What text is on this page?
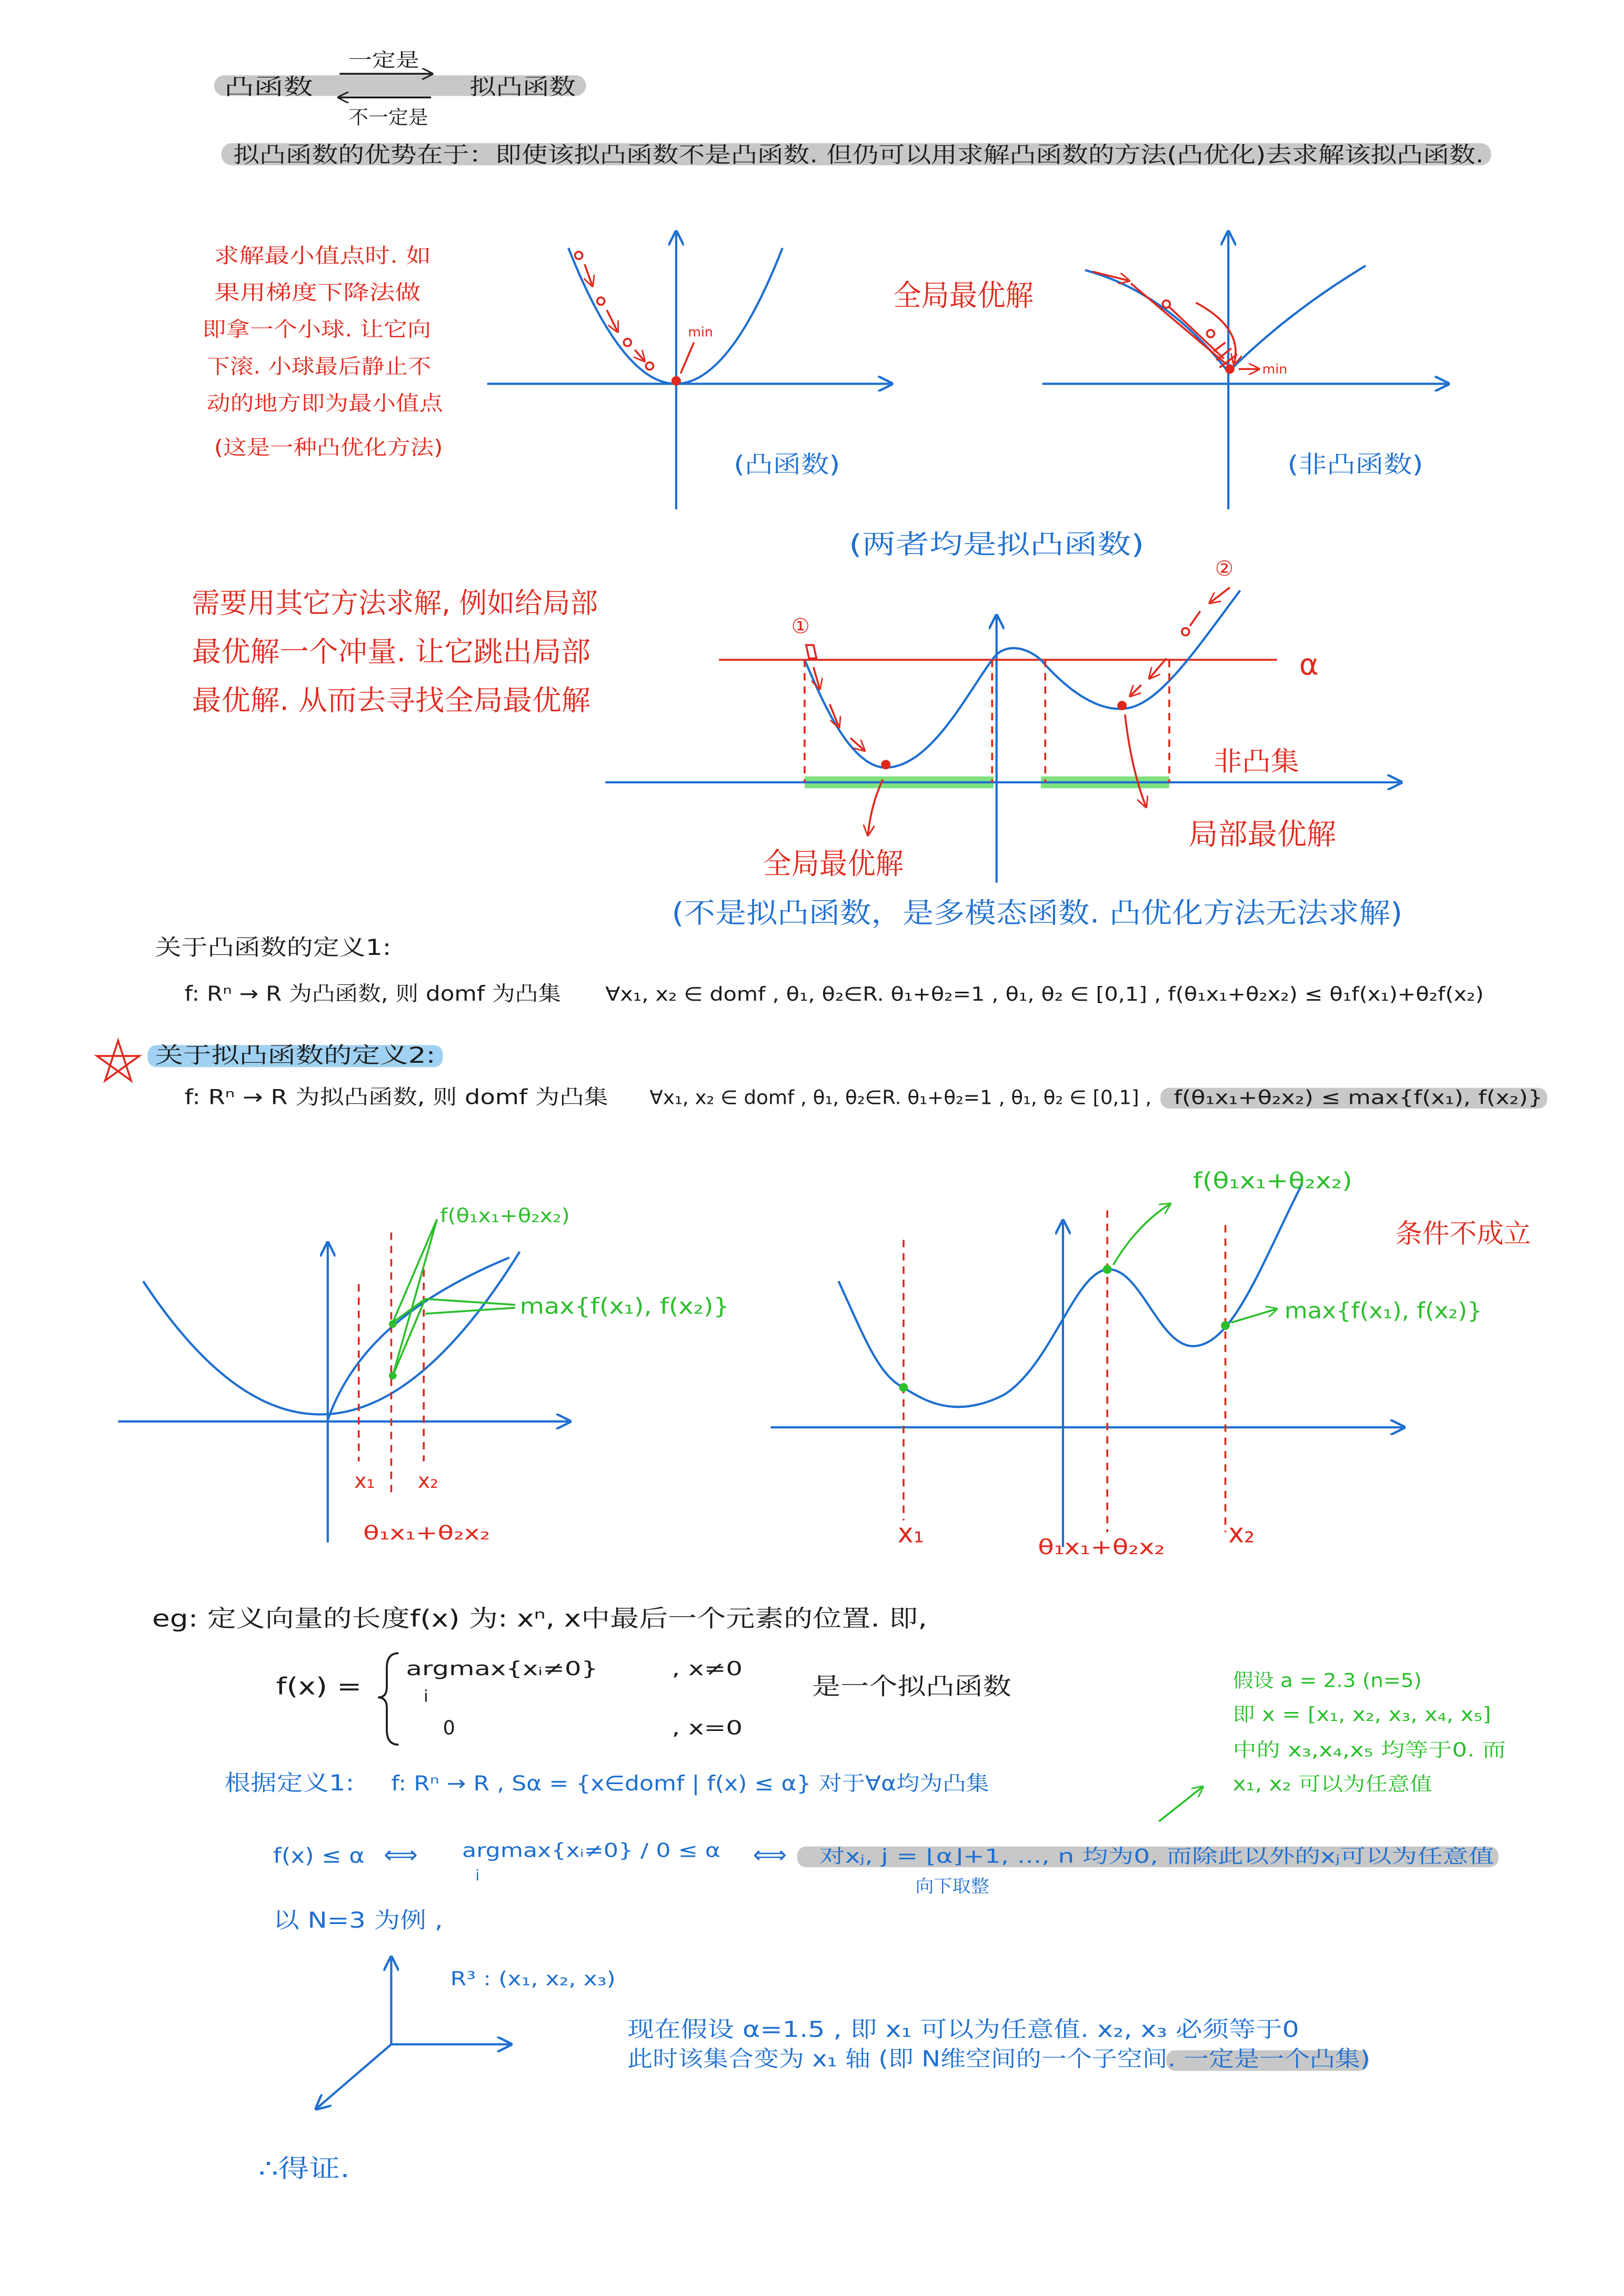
凸函数
一定是
不一定是
拟凸函数
拟凸函数的优势在于：即使该拟凸函数不是凸函数. 但仍可以用求解凸函数的方法(凸优化)去求解该拟凸函数.
求解最小值点时. 如
果用梯度下降法做
即拿一个小球. 让它向
下滚. 小球最后静止不
动的地方即为最小值点
(这是一种凸优化方法)
min
(凸函数)
全局最优解
min
(非凸函数)
(两者均是拟凸函数)
需要用其它方法求解, 例如给局部
最优解一个冲量. 让它跳出局部
最优解. 从而去寻找全局最优解
α
①
②
非凸集
全局最优解
局部最优解
(不是拟凸函数，是多模态函数. 凸优化方法无法求解)
关于凸函数的定义1:
f: Rⁿ → R 为凸函数, 则 domf 为凸集	∀x₁, x₂ ∈ domf , θ₁, θ₂∈R. θ₁+θ₂=1 , θ₁, θ₂ ∈ [0,1] , f(θ₁x₁+θ₂x₂) ≤ θ₁f(x₁)+θ₂f(x₂)
关于拟凸函数的定义2:
f: Rⁿ → R 为拟凸函数, 则 domf 为凸集	∀x₁, x₂ ∈ domf , θ₁, θ₂∈R. θ₁+θ₂=1 , θ₁, θ₂ ∈ [0,1] ,	f(θ₁x₁+θ₂x₂) ≤ max{f(x₁), f(x₂)}
f(θ₁x₁+θ₂x₂)
max{f(x₁), f(x₂)}
x₁	x₂
θ₁x₁+θ₂x₂
f(θ₁x₁+θ₂x₂)
max{f(x₁), f(x₂)}
条件不成立
x₁	θ₁x₁+θ₂x₂	x₂
eg: 定义向量的长度f(x) 为: xⁿ, x中最后一个元素的位置. 即,
f(x) =
argmax{xᵢ≠0}
i
, x≠0
0	, x=0
是一个拟凸函数	假设 a = 2.3 (n=5)
即 x = [x₁, x₂, x₃, x₄, x₅]
中的 x₃,x₄,x₅ 均等于0. 而
x₁, x₂ 可以为任意值
根据定义1:	f: Rⁿ → R , Sα = {x∈domf | f(x) ≤ α} 对于∀α均为凸集
f(x) ≤ α ⟺	argmax{xᵢ≠0} / 0 ≤ α
i
⟺	对xⱼ, j = ⌊α⌋+1, ..., n 均为0, 而除此以外的xⱼ可以为任意值
向下取整
以 N=3 为例 ,
R³ : (x₁, x₂, x₃)
现在假设 α=1.5 , 即 x₁ 可以为任意值. x₂, x₃ 必须等于0
此时该集合变为 x₁ 轴 (即 N维空间的一个子空间. 一定是一个凸集)
∴得证.
